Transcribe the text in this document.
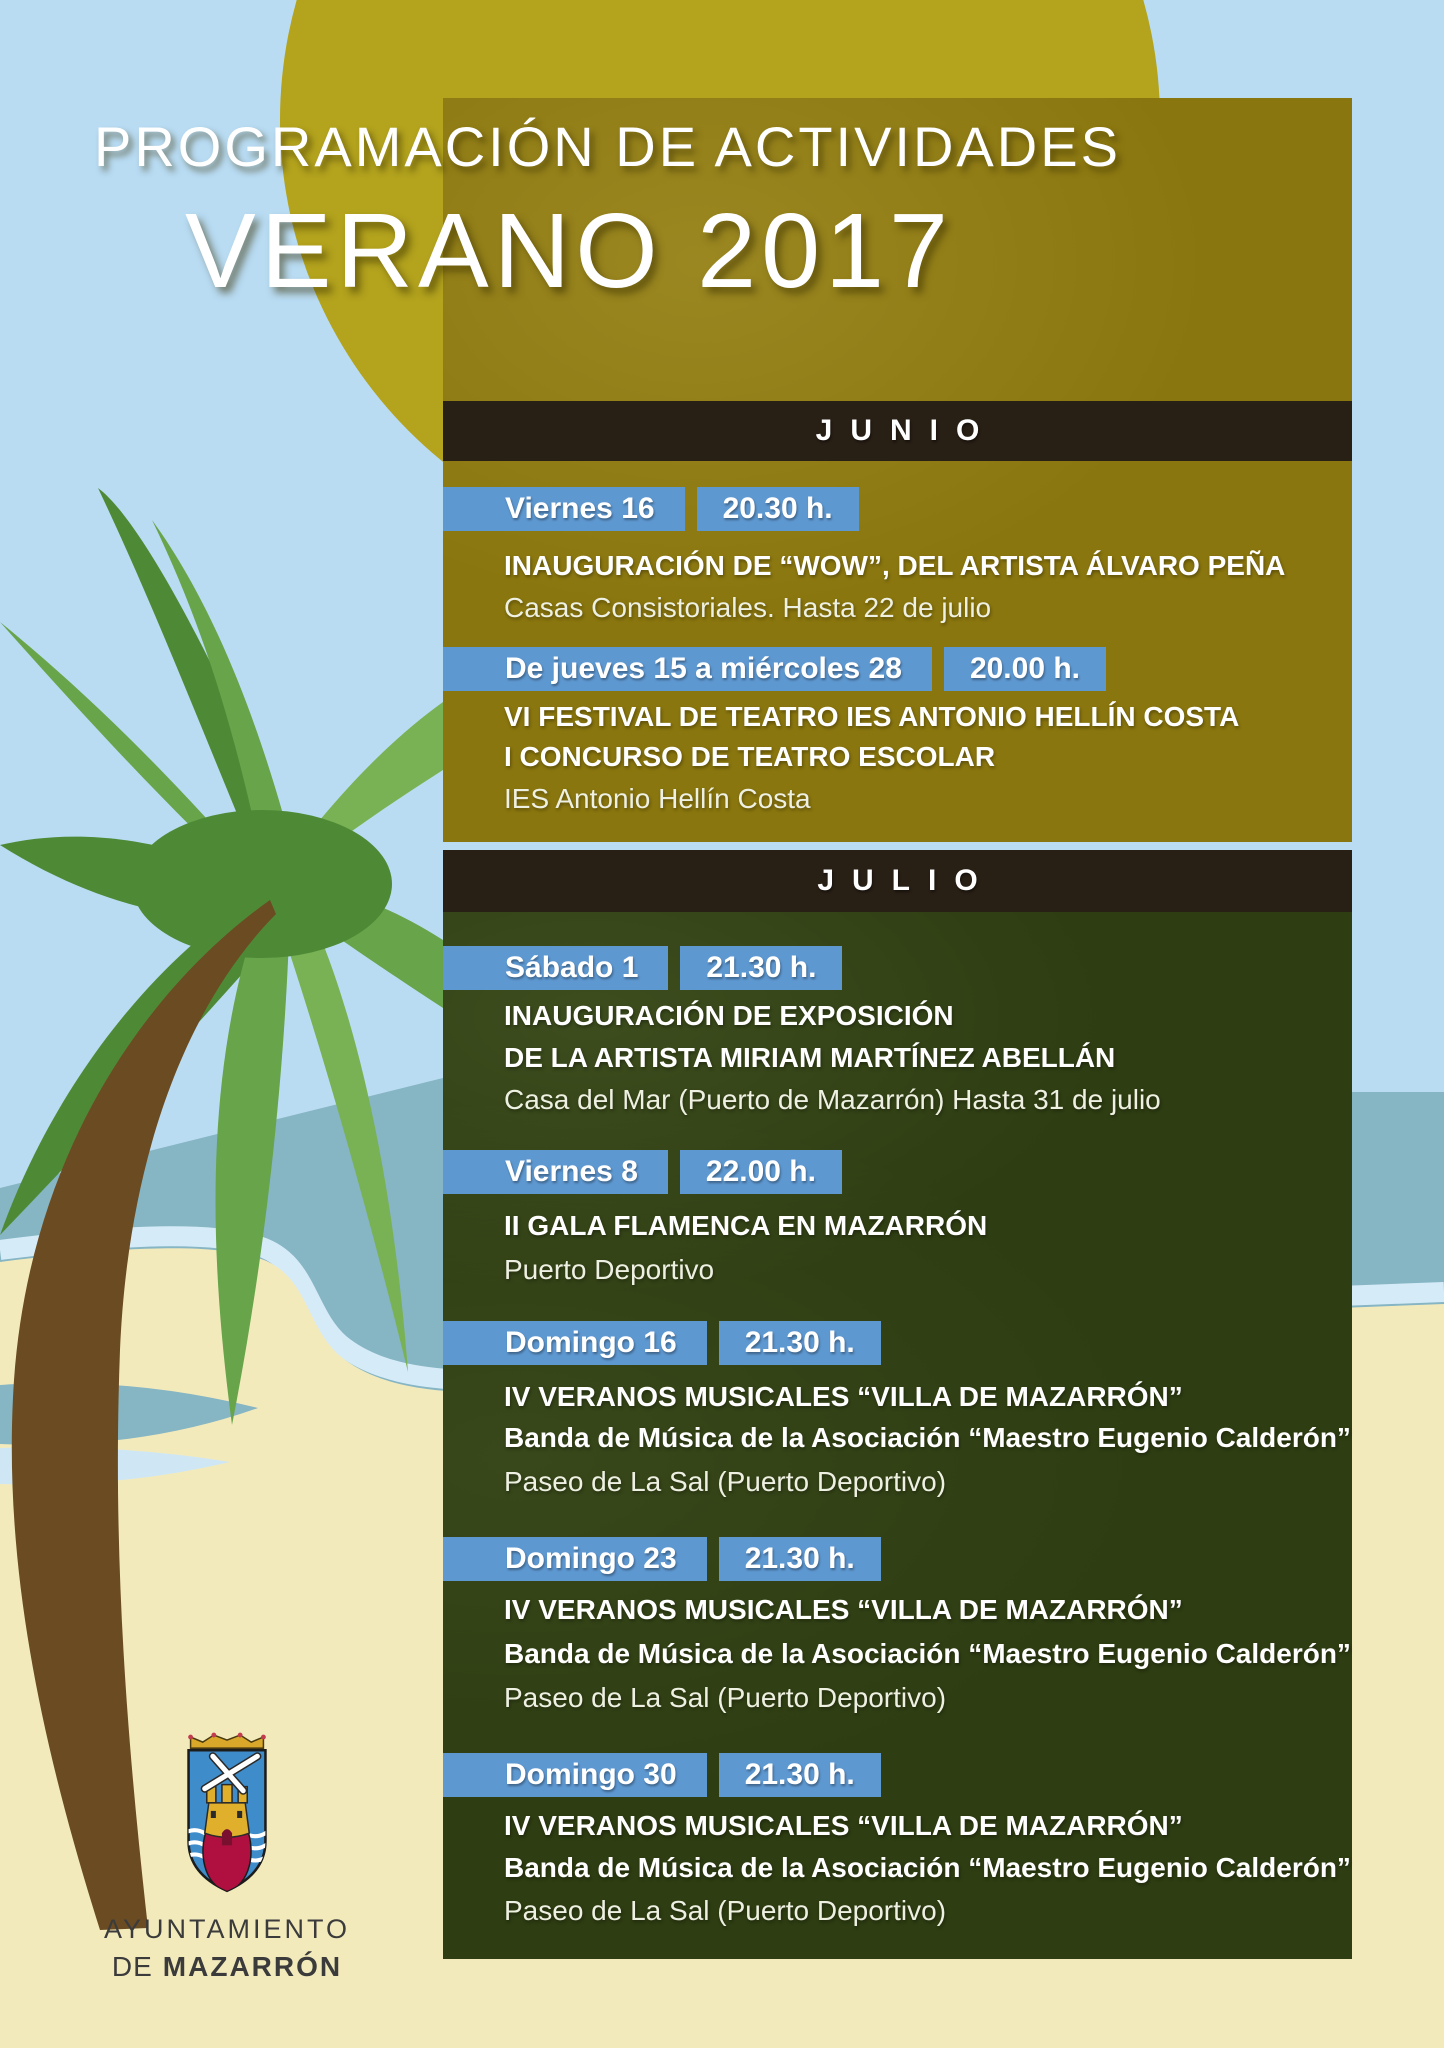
PROGRAMACIÓN DE ACTIVIDADES
VERANO 2017
JUNIO
JULIO
Viernes 16	20.30 h.
INAUGURACIÓN DE “WOW”, DEL ARTISTA ÁLVARO PEÑA
Casas Consistoriales. Hasta 22 de julio
De jueves 15 a miércoles 28	20.00 h.
VI FESTIVAL DE TEATRO IES ANTONIO HELLÍN COSTA
I CONCURSO DE TEATRO ESCOLAR
IES Antonio Hellín Costa
Sábado 1	21.30 h.
INAUGURACIÓN DE EXPOSICIÓN
DE LA ARTISTA MIRIAM MARTÍNEZ ABELLÁN
Casa del Mar (Puerto de Mazarrón) Hasta 31 de julio
Viernes 8	22.00 h.
II GALA FLAMENCA EN MAZARRÓN
Puerto Deportivo
Domingo 16	21.30 h.
IV VERANOS MUSICALES “VILLA DE MAZARRÓN”
Banda de Música de la Asociación “Maestro Eugenio Calderón”
Paseo de La Sal (Puerto Deportivo)
Domingo 23	21.30 h.
IV VERANOS MUSICALES “VILLA DE MAZARRÓN”
Banda de Música de la Asociación “Maestro Eugenio Calderón”
Paseo de La Sal (Puerto Deportivo)
Domingo 30	21.30 h.
IV VERANOS MUSICALES “VILLA DE MAZARRÓN”
Banda de Música de la Asociación “Maestro Eugenio Calderón”
Paseo de La Sal (Puerto Deportivo)
AYUNTAMIENTO
DE MAZARRÓN
